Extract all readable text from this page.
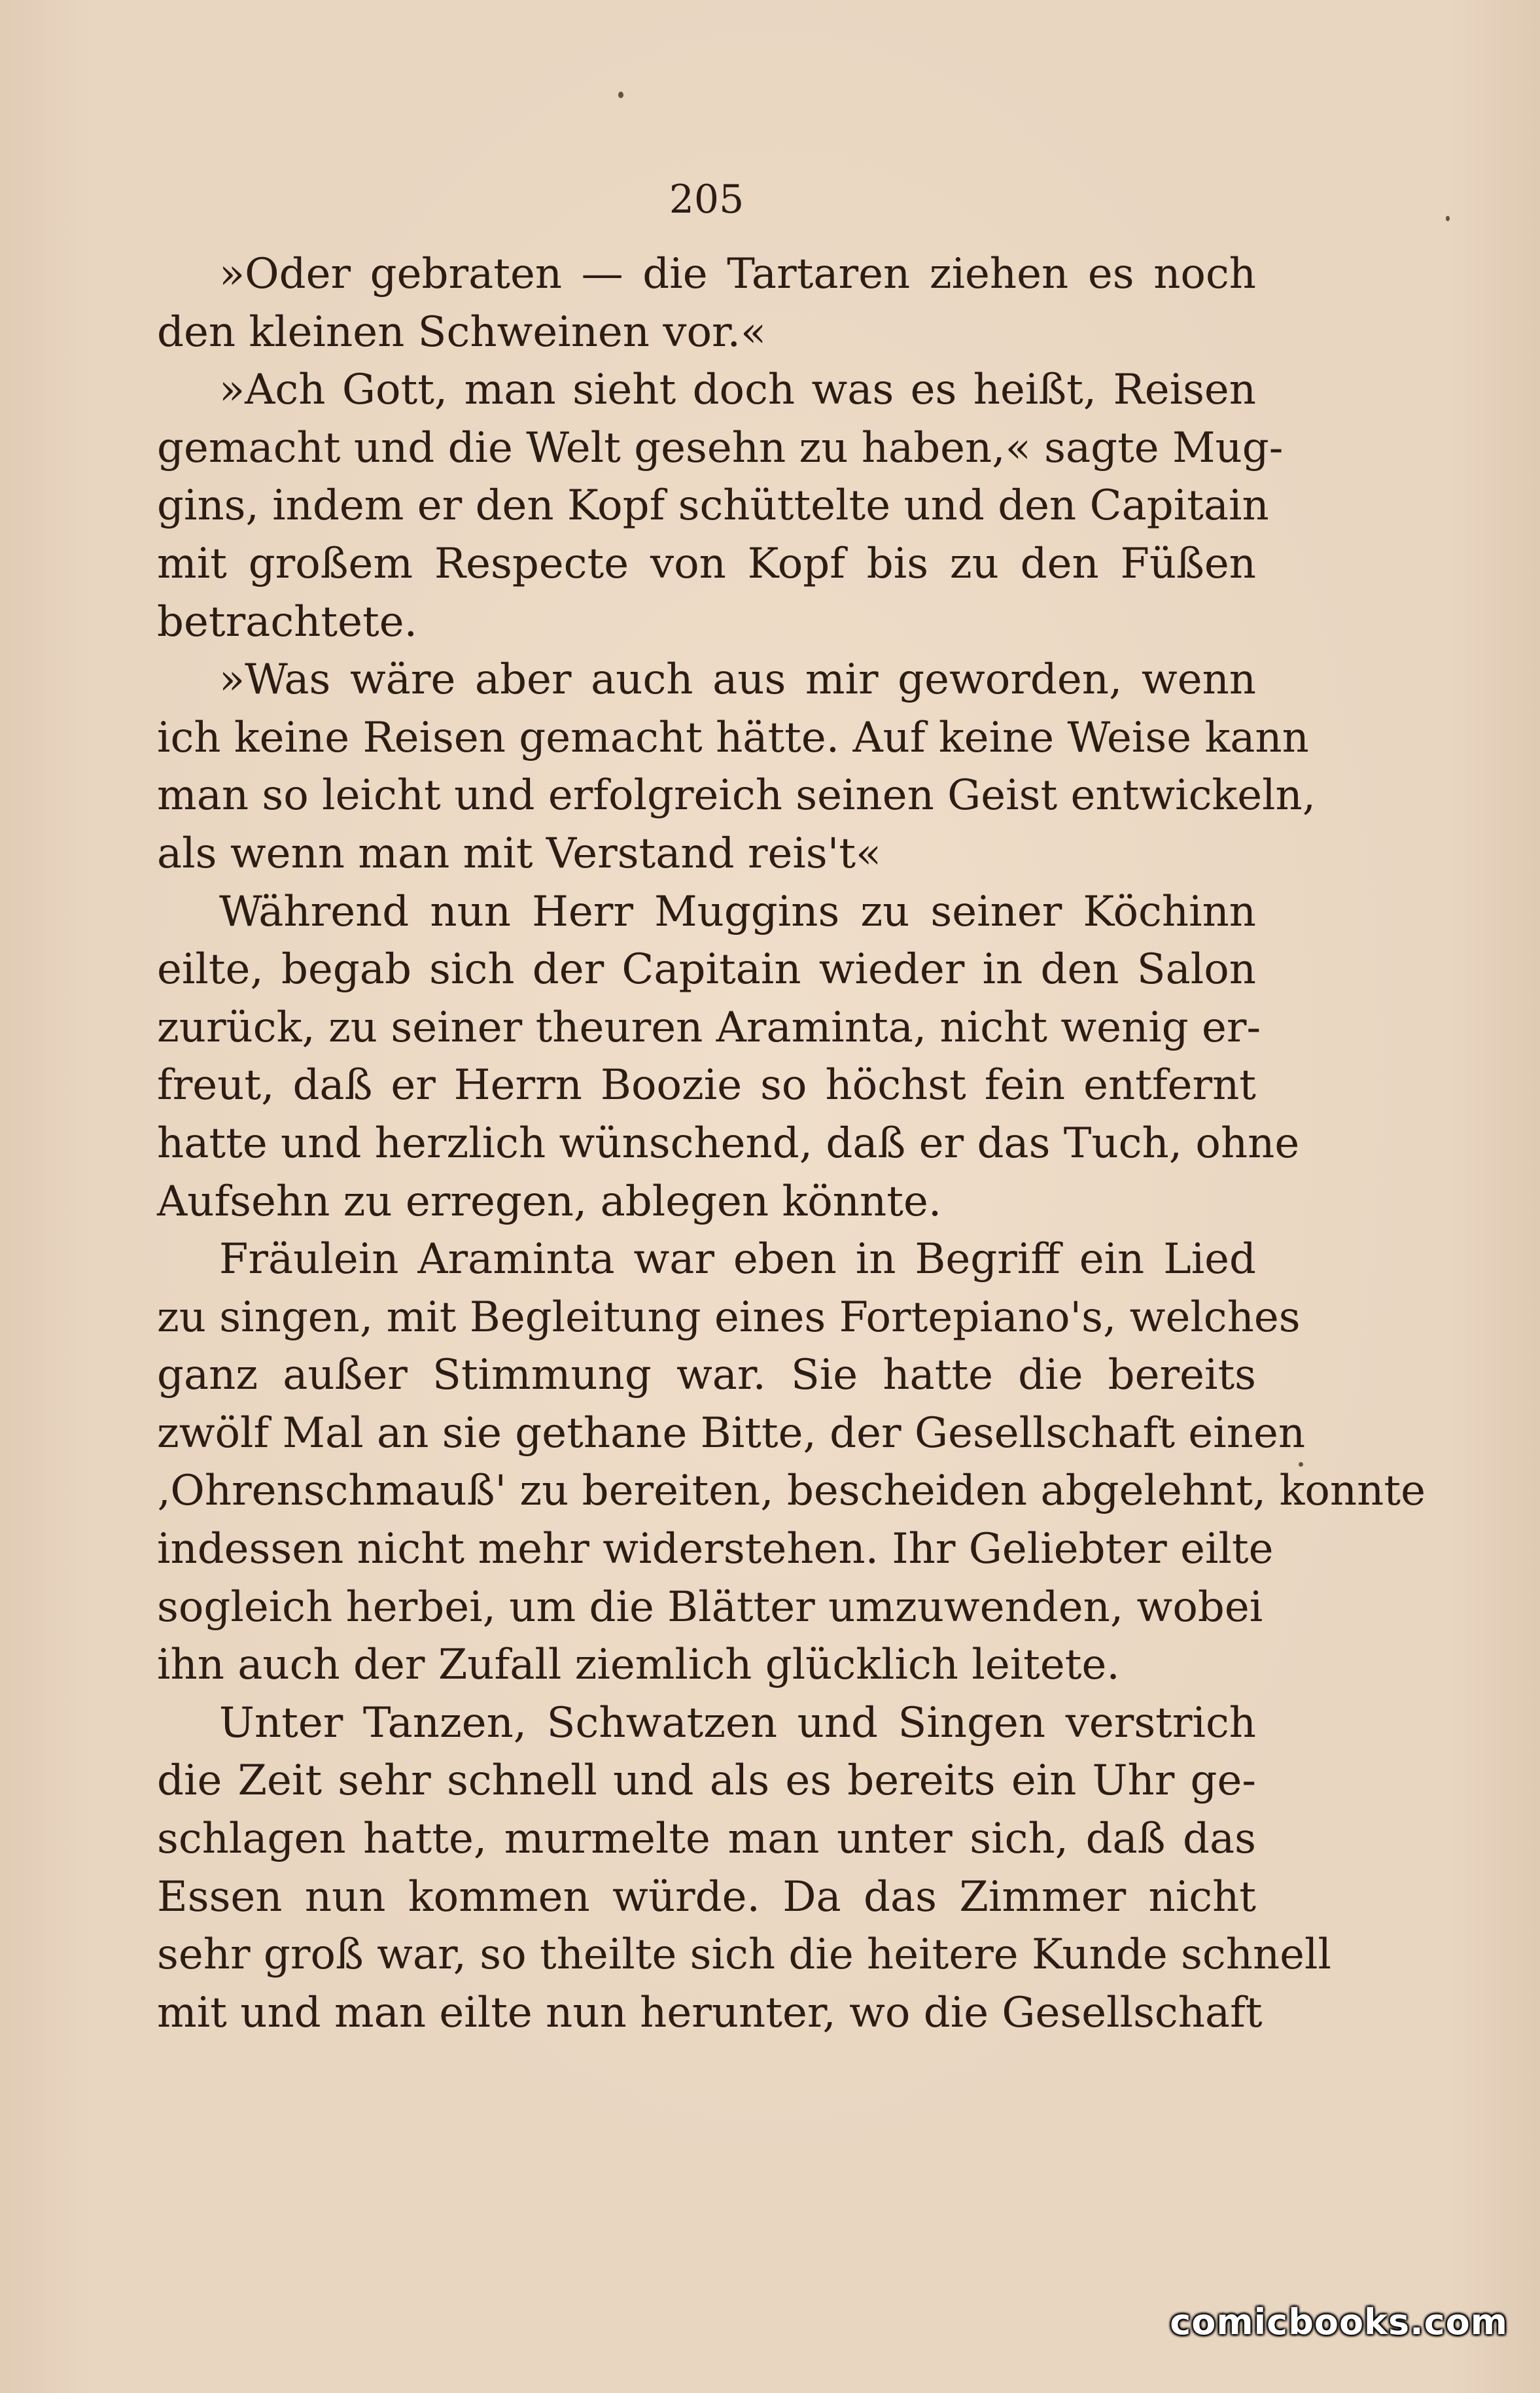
205
»Oder gebraten — die Tartaren ziehen es noch
den kleinen Schweinen vor.«
»Ach Gott, man sieht doch was es heißt, Reisen
gemacht und die Welt gesehn zu haben,« sagte Mug-
gins, indem er den Kopf schüttelte und den Capitain
mit großem Respecte von Kopf bis zu den Füßen
betrachtete.
»Was wäre aber auch aus mir geworden, wenn
ich keine Reisen gemacht hätte. Auf keine Weise kann
man so leicht und erfolgreich seinen Geist entwickeln,
als wenn man mit Verstand reis't«
Während nun Herr Muggins zu seiner Köchinn
eilte, begab sich der Capitain wieder in den Salon
zurück, zu seiner theuren Araminta, nicht wenig er-
freut, daß er Herrn Boozie so höchst fein entfernt
hatte und herzlich wünschend, daß er das Tuch, ohne
Aufsehn zu erregen, ablegen könnte.
Fräulein Araminta war eben in Begriff ein Lied
zu singen, mit Begleitung eines Fortepiano's, welches
ganz außer Stimmung war. Sie hatte die bereits
zwölf Mal an sie gethane Bitte, der Gesellschaft einen
‚Ohrenschmauß' zu bereiten, bescheiden abgelehnt, konnte
indessen nicht mehr widerstehen. Ihr Geliebter eilte
sogleich herbei, um die Blätter umzuwenden, wobei
ihn auch der Zufall ziemlich glücklich leitete.
Unter Tanzen, Schwatzen und Singen verstrich
die Zeit sehr schnell und als es bereits ein Uhr ge-
schlagen hatte, murmelte man unter sich, daß das
Essen nun kommen würde. Da das Zimmer nicht
sehr groß war, so theilte sich die heitere Kunde schnell
mit und man eilte nun herunter, wo die Gesellschaft
comicbooks.com
